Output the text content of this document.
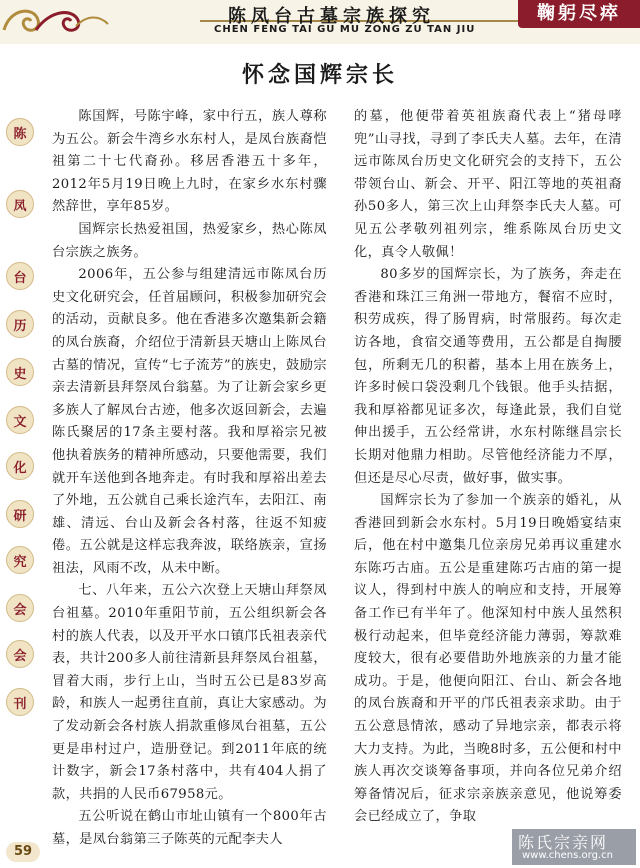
陈凤台古墓宗族探究
CHEN FENG TAI GU MU ZONG ZU TAN JIU
鞠躬尽瘁
陈
凤
台
历
史
文
化
研
究
会
会
刊
怀念国辉宗长

陈国辉，号陈宇峰，家中行五，族人尊称为五公。新会牛湾乡水东村人，是凤台族裔恺祖第二十七代裔孙。移居香港五十多年，2012年5月19日晚上九时，在家乡水东村骤然辞世，享年85岁。

国辉宗长热爱祖国，热爱家乡，热心陈凤台宗族之族务。

2006年，五公参与组建清远市陈凤台历史文化研究会，任首届顾问，积极参加研究会的活动，贡献良多。他在香港多次邀集新会籍的凤台族裔，介绍位于清新县天塘山上陈凤台古墓的情况，宣传“七子流芳”的族史，鼓励宗亲去清新县拜祭凤台翁墓。为了让新会家乡更多族人了解凤台古迹，他多次返回新会，去遍陈氏聚居的17条主要村落。我和厚裕宗兄被他执着族务的精神所感动，只要他需要，我们就开车送他到各地奔走。有时我和厚裕出差去了外地，五公就自己乘长途汽车，去阳江、南雄、清远、台山及新会各村落，往返不知疲倦。五公就是这样忘我奔波，联络族亲，宣扬祖法，风雨不改，从未中断。

七、八年来，五公六次登上天塘山拜祭凤台祖墓。2010年重阳节前，五公组织新会各村的族人代表，以及开平水口镇邝氏祖表亲代表，共计200多人前往清新县拜祭凤台祖墓，冒着大雨，步行上山，当时五公已是83岁高龄，和族人一起勇往直前，真让大家感动。为了发动新会各村族人捐款重修凤台祖墓，五公更是串村过户，造册登记。到2011年底的统计数字，新会17条村落中，共有404人捐了款，共捐的人民币67958元。

五公听说在鹤山市址山镇有一个800年古墓，是凤台翁第三子陈英的元配李夫人

的墓，他便带着英祖族裔代表上“猪母哮兜”山寻找，寻到了李氏夫人墓。去年，在清远市陈凤台历史文化研究会的支持下，五公带领台山、新会、开平、阳江等地的英祖裔孙50多人，第三次上山拜祭李氏夫人墓。可见五公孝敬列祖列宗，维系陈凤台历史文化，真令人敬佩！

80多岁的国辉宗长，为了族务，奔走在香港和珠江三角洲一带地方，餐宿不应时，积劳成疾，得了肠胃病，时常服药。每次走访各地，食宿交通等费用，五公都是自掏腰包，所剩无几的积蓄，基本上用在族务上，许多时候口袋没剩几个钱银。他手头拮据，我和厚裕都见证多次，每逢此景，我们自觉伸出援手，五公经常讲，水东村陈继昌宗长长期对他鼎力相助。尽管他经济能力不厚，但还是尽心尽责，做好事，做实事。

国辉宗长为了参加一个族亲的婚礼，从香港回到新会水东村。5月19日晚婚宴结束后，他在村中邀集几位亲房兄弟再议重建水东陈巧古庙。五公是重建陈巧古庙的第一提议人，得到村中族人的响应和支持，开展筹备工作已有半年了。他深知村中族人虽然积极行动起来，但毕竟经济能力薄弱，筹款难度较大，很有必要借助外地族亲的力量才能成功。于是，他便向阳江、台山、新会各地的凤台族裔和开平的邝氏祖表亲求助。由于五公意恳情浓，感动了异地宗亲，都表示将大力支持。为此，当晚8时多，五公便和村中族人再次交谈筹备事项，并向各位兄弟介绍筹备情况后，征求宗亲族亲意见，他说筹委会已经成立了，争取

59	陈氏宗亲网
www.chens.org.cn
